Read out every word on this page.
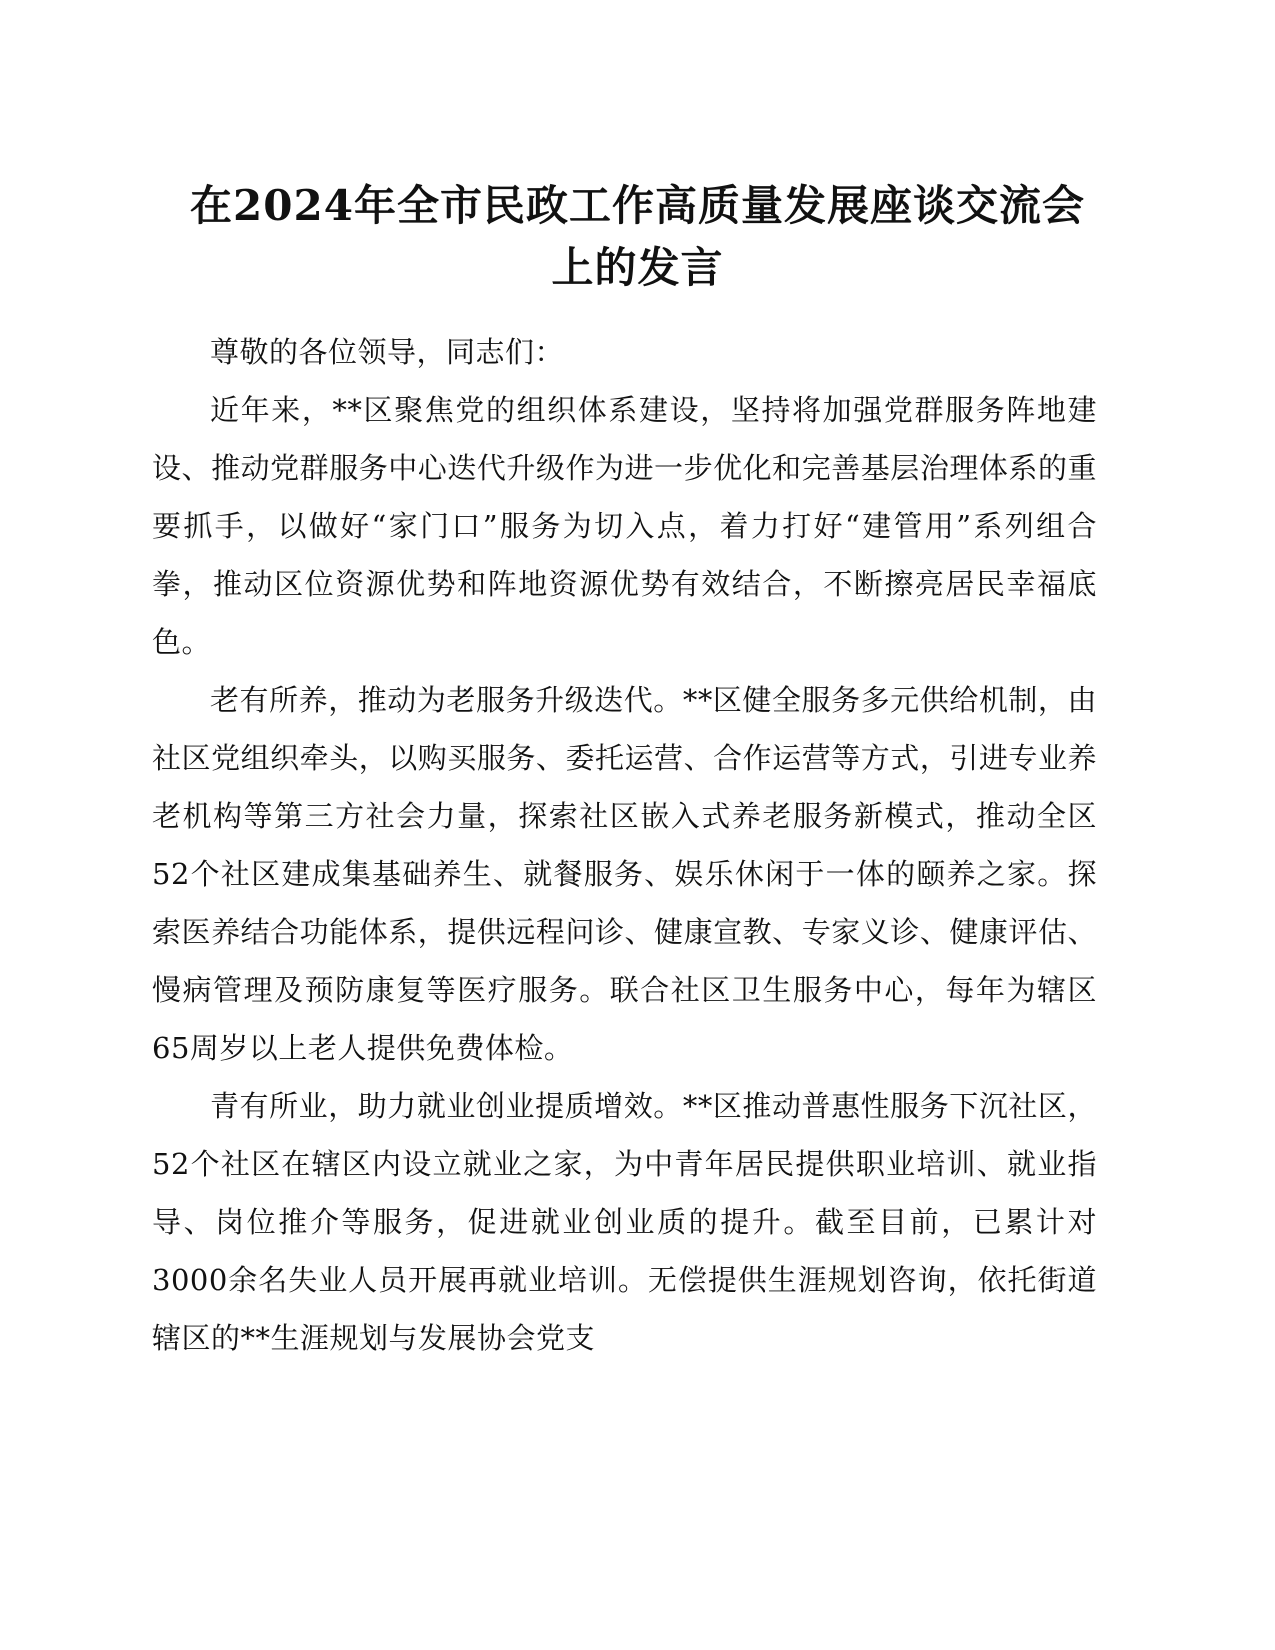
在2024年全市民政工作高质量发展座谈交流会
上的发言

尊敬的各位领导，同志们：

近年来，**区聚焦党的组织体系建设，坚持将加强党群服务阵地建设、推动党群服务中心迭代升级作为进一步优化和完善基层治理体系的重要抓手，以做好“家门口”服务为切入点，着力打好“建管用”系列组合拳，推动区位资源优势和阵地资源优势有效结合，不断擦亮居民幸福底色。

老有所养，推动为老服务升级迭代。**区健全服务多元供给机制，由社区党组织牵头，以购买服务、委托运营、合作运营等方式，引进专业养老机构等第三方社会力量，探索社区嵌入式养老服务新模式，推动全区52个社区建成集基础养生、就餐服务、娱乐休闲于一体的颐养之家。探索医养结合功能体系，提供远程问诊、健康宣教、专家义诊、健康评估、慢病管理及预防康复等医疗服务。联合社区卫生服务中心，每年为辖区65周岁以上老人提供免费体检。

青有所业，助力就业创业提质增效。**区推动普惠性服务下沉社区，52个社区在辖区内设立就业之家，为中青年居民提供职业培训、就业指导、岗位推介等服务，促进就业创业质的提升。截至目前，已累计对3000余名失业人员开展再就业培训。无偿提供生涯规划咨询，依托街道辖区的**生涯规划与发展协会党支
